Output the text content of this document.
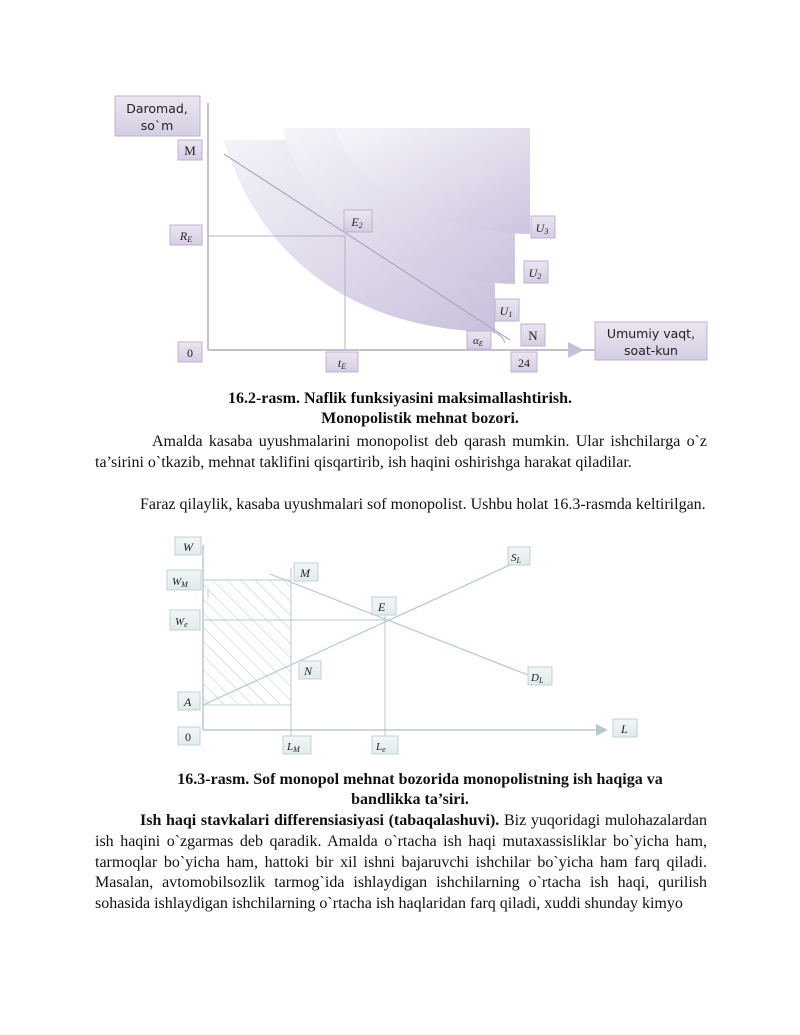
Daromad,
so`m
Umumiy vaqt,
soat-kun
M
RE
0
tE
E2	U3
U2
U1
N
αE
24
16.2-rasm. Naflik funksiyasini maksimallashtirish.
Monopolistik mehnat bozori.
Amalda kasaba uyushmalarini monopolist deb qarash mumkin. Ular ishchilarga o`z ta’sirini o`tkazib, mehnat taklifini qisqartirib, ish haqini oshirishga harakat qiladilar.
Faraz qilaylik, kasaba uyushmalari sof monopolist. Ushbu holat 16.3-rasmda keltirilgan.
W
WM
We
A
0
LM	Le
L
M
E
N
SL
DL
16.3-rasm. Sof monopol mehnat bozorida monopolistning ish haqiga va
bandlikka ta’siri.
Ish haqi stavkalari differensiasiyasi (tabaqalashuvi). Biz yuqoridagi mulohazalardan ish haqini o`zgarmas deb qaradik. Amalda o`rtacha ish haqi mutaxassisliklar bo`yicha ham, tarmoqlar bo`yicha ham, hattoki bir xil ishni bajaruvchi ishchilar bo`yicha ham farq qiladi. Masalan, avtomobilsozlik tarmog`ida ishlaydigan ishchilarning o`rtacha ish haqi, qurilish sohasida ishlaydigan ishchilarning o`rtacha ish haqlaridan farq qiladi, xuddi shunday kimyo
